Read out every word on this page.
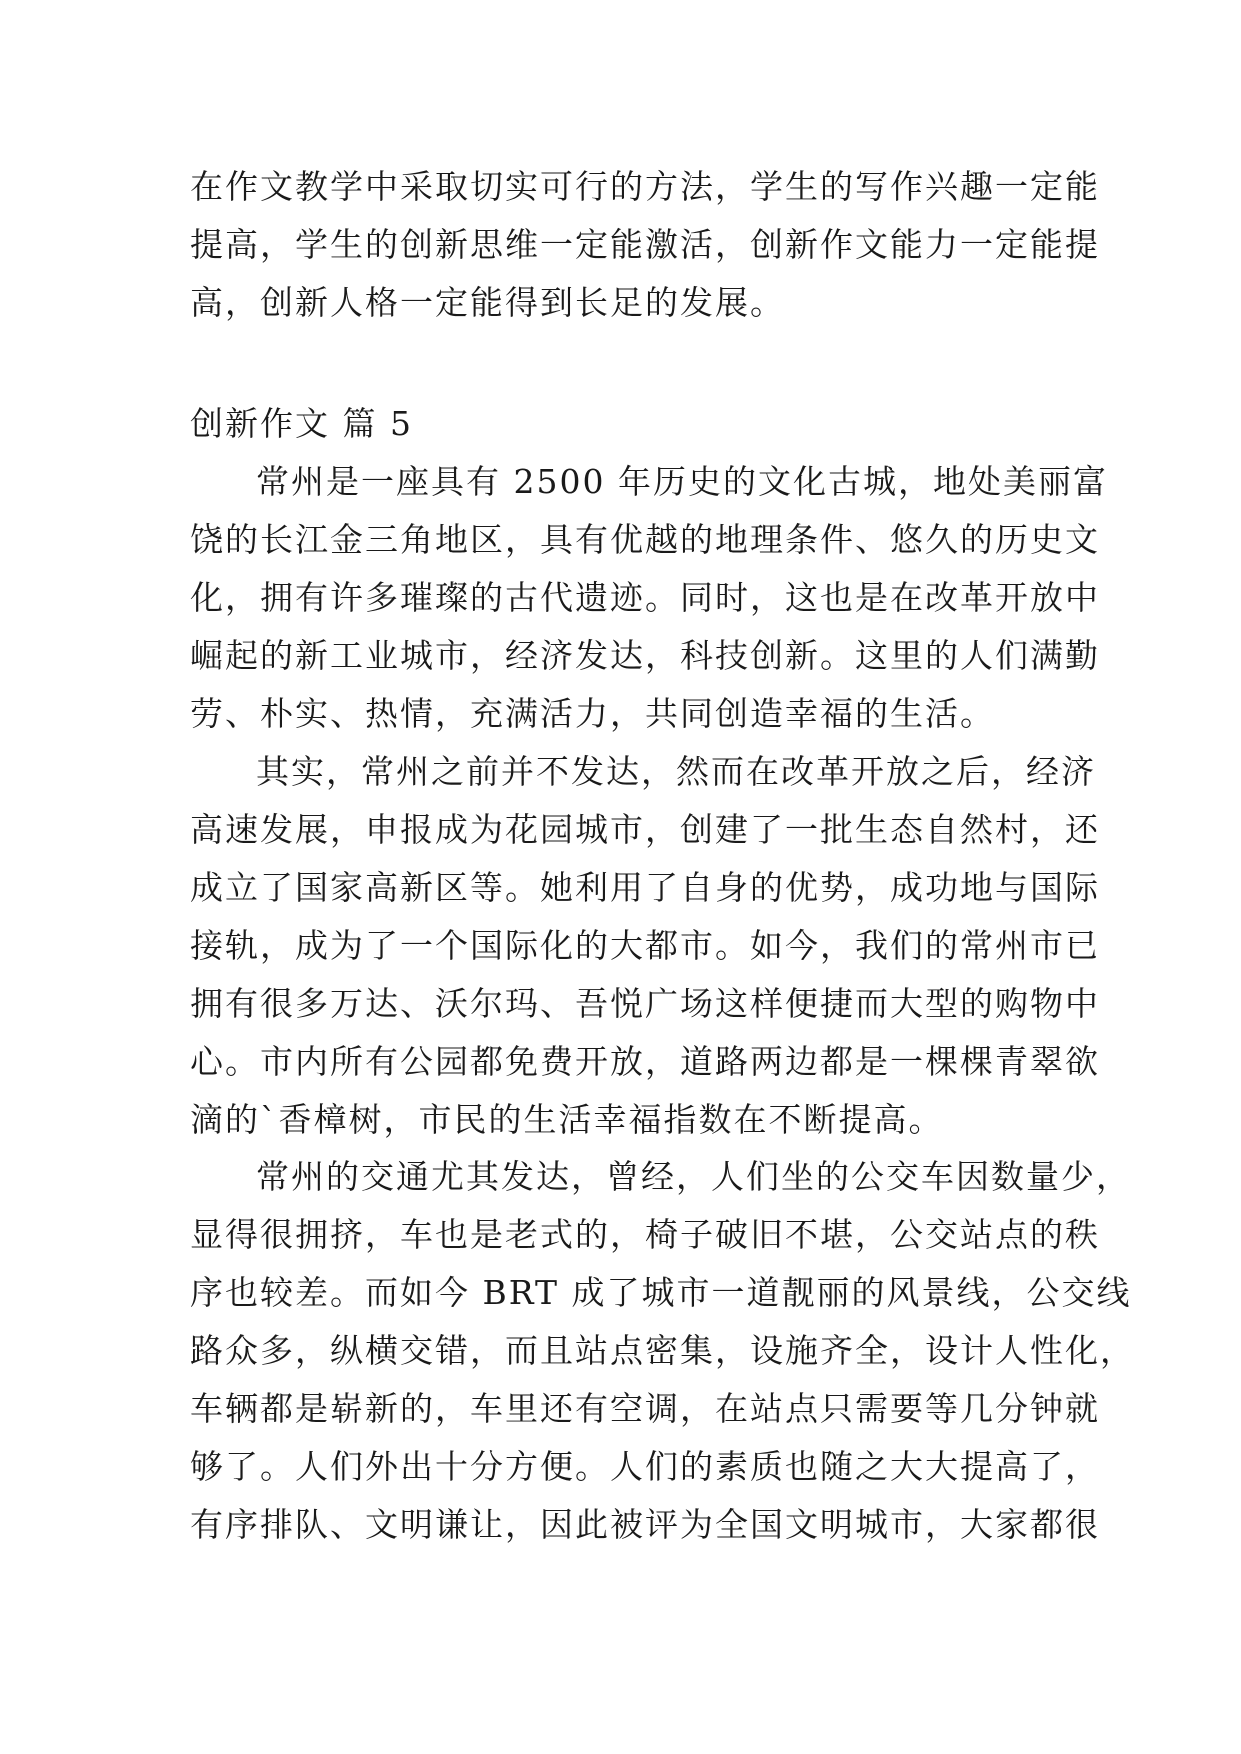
在作文教学中采取切实可行的方法，学生的写作兴趣一定能
提高，学生的创新思维一定能激活，创新作文能力一定能提
高，创新人格一定能得到长足的发展。
创新作文 篇 5
常州是一座具有 2500 年历史的文化古城，地处美丽富
饶的长江金三角地区，具有优越的地理条件、悠久的历史文
化，拥有许多璀璨的古代遗迹。同时，这也是在改革开放中
崛起的新工业城市，经济发达，科技创新。这里的人们满勤
劳、朴实、热情，充满活力，共同创造幸福的生活。
其实，常州之前并不发达，然而在改革开放之后，经济
高速发展，申报成为花园城市，创建了一批生态自然村，还
成立了国家高新区等。她利用了自身的优势，成功地与国际
接轨，成为了一个国际化的大都市。如今，我们的常州市已
拥有很多万达、沃尔玛、吾悦广场这样便捷而大型的购物中
心。市内所有公园都免费开放，道路两边都是一棵棵青翠欲
滴的`香樟树，市民的生活幸福指数在不断提高。
常州的交通尤其发达，曾经，人们坐的公交车因数量少，
显得很拥挤，车也是老式的，椅子破旧不堪，公交站点的秩
序也较差。而如今 BRT 成了城市一道靓丽的风景线，公交线
路众多，纵横交错，而且站点密集，设施齐全，设计人性化，
车辆都是崭新的，车里还有空调，在站点只需要等几分钟就
够了。人们外出十分方便。人们的素质也随之大大提高了，
有序排队、文明谦让，因此被评为全国文明城市，大家都很
